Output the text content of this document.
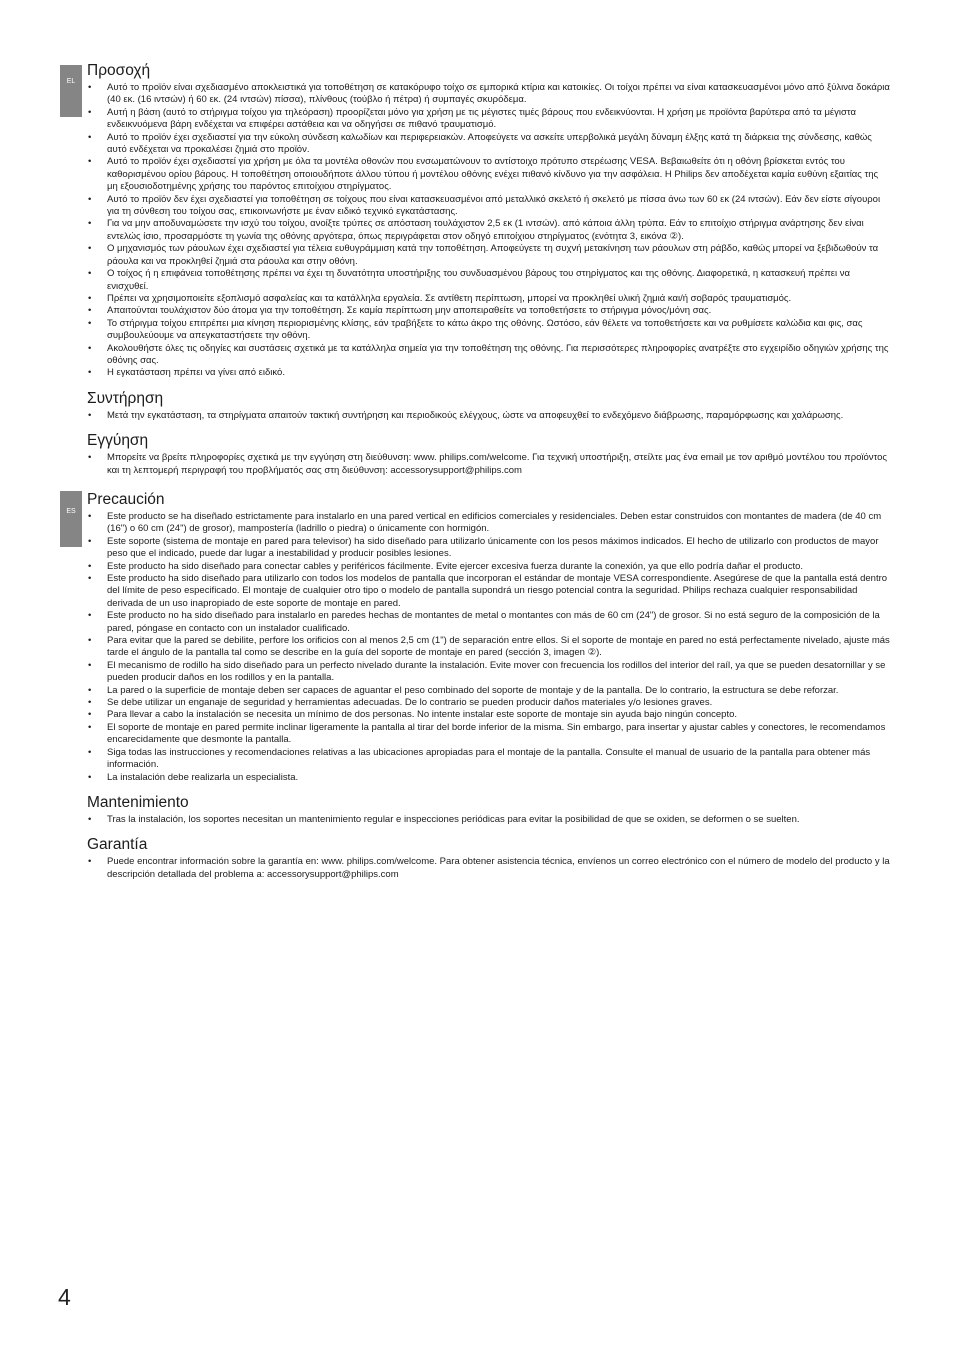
EL
Προσοχή
• Αυτό το προϊόν είναι σχεδιασμένο αποκλειστικά για τοποθέτηση σε κατακόρυφο τοίχο σε εμπορικά κτίρια και κατοικίες. Οι τοίχοι πρέπει να είναι κατασκευασμένοι μόνο από ξύλινα δοκάρια (40 εκ. (16 ιντσών) ή 60 εκ. (24 ιντσών) πίσσα), πλίνθους (τούβλο ή πέτρα) ή συμπαγές σκυρόδεμα.
• Αυτή η βάση (αυτό το στήριγμα τοίχου για τηλεόραση) προορίζεται μόνο για χρήση με τις μέγιστες τιμές βάρους που ενδεικνύονται. Η χρήση με προϊόντα βαρύτερα από τα μέγιστα ενδεικνυόμενα βάρη ενδέχεται να επιφέρει αστάθεια και να οδηγήσει σε πιθανό τραυματισμό.
• Αυτό το προϊόν έχει σχεδιαστεί για την εύκολη σύνδεση καλωδίων και περιφερειακών. Αποφεύγετε να ασκείτε υπερβολικά μεγάλη δύναμη έλξης κατά τη διάρκεια της σύνδεσης, καθώς αυτό ενδέχεται να προκαλέσει ζημιά στο προϊόν.
• Αυτό το προϊόν έχει σχεδιαστεί για χρήση με όλα τα μοντέλα οθονών που ενσωματώνουν το αντίστοιχο πρότυπο στερέωσης VESA. Βεβαιωθείτε ότι η οθόνη βρίσκεται εντός του καθορισμένου ορίου βάρους. Η τοποθέτηση οποιουδήποτε άλλου τύπου ή μοντέλου οθόνης ενέχει πιθανό κίνδυνο για την ασφάλεια. Η Philips δεν αποδέχεται καμία ευθύνη εξαιτίας της μη εξουσιοδοτημένης χρήσης του παρόντος επιτοίχιου στηρίγματος.
• Αυτό το προϊόν δεν έχει σχεδιαστεί για τοποθέτηση σε τοίχους που είναι κατασκευασμένοι από μεταλλικό σκελετό ή σκελετό με πίσσα άνω των 60 εκ (24 ιντσών). Εάν δεν είστε σίγουροι για τη σύνθεση του τοίχου σας, επικοινωνήστε με έναν ειδικό τεχνικό εγκατάστασης.
• Για να μην αποδυναμώσετε την ισχύ του τοίχου, ανοίξτε τρύπες σε απόσταση τουλάχιστον 2,5 εκ (1 ιντσών). από κάποια άλλη τρύπα. Εάν το επιτοίχιο στήριγμα ανάρτησης δεν είναι εντελώς ίσιο, προσαρμόστε τη γωνία της οθόνης αργότερα, όπως περιγράφεται στον οδηγό επιτοίχιου στηρίγματος (ενότητα 3, εικόνα ②).
• Ο μηχανισμός των ράουλων έχει σχεδιαστεί για τέλεια ευθυγράμμιση κατά την τοποθέτηση. Αποφεύγετε τη συχνή μετακίνηση των ράουλων στη ράβδο, καθώς μπορεί να ξεβιδωθούν τα ράουλα και να προκληθεί ζημιά στα ράουλα και στην οθόνη.
• Ο τοίχος ή η επιφάνεια τοποθέτησης πρέπει να έχει τη δυνατότητα υποστήριξης του συνδυασμένου βάρους του στηρίγματος και της οθόνης. Διαφορετικά, η κατασκευή πρέπει να ενισχυθεί.
• Πρέπει να χρησιμοποιείτε εξοπλισμό ασφαλείας και τα κατάλληλα εργαλεία. Σε αντίθετη περίπτωση, μπορεί να προκληθεί υλική ζημιά και/ή σοβαρός τραυματισμός.
• Απαιτούνται τουλάχιστον δύο άτομα για την τοποθέτηση. Σε καμία περίπτωση μην αποπειραθείτε να τοποθετήσετε το στήριγμα μόνος/μόνη σας.
• Το στήριγμα τοίχου επιτρέπει μια κίνηση περιορισμένης κλίσης, εάν τραβήξετε το κάτω άκρο της οθόνης. Ωστόσο, εάν θέλετε να τοποθετήσετε και να ρυθμίσετε καλώδια και φις, σας συμβουλεύουμε να απεγκαταστήσετε την οθόνη.
• Ακολουθήστε όλες τις οδηγίες και συστάσεις σχετικά με τα κατάλληλα σημεία για την τοποθέτηση της οθόνης. Για περισσότερες πληροφορίες ανατρέξτε στο εγχειρίδιο οδηγιών χρήσης της οθόνης σας.
• Η εγκατάσταση πρέπει να γίνει από ειδικό.
Συντήρηση
• Μετά την εγκατάσταση, τα στηρίγματα απαιτούν τακτική συντήρηση και περιοδικούς ελέγχους, ώστε να αποφευχθεί το ενδεχόμενο διάβρωσης, παραμόρφωσης και χαλάρωσης.
Εγγύηση
• Μπορείτε να βρείτε πληροφορίες σχετικά με την εγγύηση στη διεύθυνση: www. philips.com/welcome. Για τεχνική υποστήριξη, στείλτε μας ένα email με τον αριθμό μοντέλου του προϊόντος και τη λεπτομερή περιγραφή του προβλήματός σας στη διεύθυνση: accessorysupport@philips.com
ES
Precaución
• Este producto se ha diseñado estrictamente para instalarlo en una pared vertical en edificios comerciales y residenciales. Deben estar construidos con montantes de madera (de 40 cm (16") o 60 cm (24") de grosor), mampostería (ladrillo o piedra) o únicamente con hormigón.
• Este soporte (sistema de montaje en pared para televisor) ha sido diseñado para utilizarlo únicamente con los pesos máximos indicados. El hecho de utilizarlo con productos de mayor peso que el indicado, puede dar lugar a inestabilidad y producir posibles lesiones.
• Este producto ha sido diseñado para conectar cables y periféricos fácilmente. Evite ejercer excesiva fuerza durante la conexión, ya que ello podría dañar el producto.
• Este producto ha sido diseñado para utilizarlo con todos los modelos de pantalla que incorporan el estándar de montaje VESA correspondiente. Asegúrese de que la pantalla está dentro del límite de peso especificado. El montaje de cualquier otro tipo o modelo de pantalla supondrá un riesgo potencial contra la seguridad. Philips rechaza cualquier responsabilidad derivada de un uso inapropiado de este soporte de montaje en pared.
• Este producto no ha sido diseñado para instalarlo en paredes hechas de montantes de metal o montantes con más de 60 cm (24") de grosor. Si no está seguro de la composición de la pared, póngase en contacto con un instalador cualificado.
• Para evitar que la pared se debilite, perfore los orificios con al menos 2,5 cm (1") de separación entre ellos. Si el soporte de montaje en pared no está perfectamente nivelado, ajuste más tarde el ángulo de la pantalla tal como se describe en la guía del soporte de montaje en pared (sección 3, imagen ②).
• El mecanismo de rodillo ha sido diseñado para un perfecto nivelado durante la instalación. Evite mover con frecuencia los rodillos del interior del raíl, ya que se pueden desatornillar y se pueden producir daños en los rodillos y en la pantalla.
• La pared o la superficie de montaje deben ser capaces de aguantar el peso combinado del soporte de montaje y de la pantalla. De lo contrario, la estructura se debe reforzar.
• Se debe utilizar un enganaje de seguridad y herramientas adecuadas. De lo contrario se pueden producir daños materiales y/o lesiones graves.
• Para llevar a cabo la instalación se necesita un mínimo de dos personas. No intente instalar este soporte de montaje sin ayuda bajo ningún concepto.
• El soporte de montaje en pared permite inclinar ligeramente la pantalla al tirar del borde inferior de la misma. Sin embargo, para insertar y ajustar cables y conectores, le recomendamos encarecidamente que desmonte la pantalla.
• Siga todas las instrucciones y recomendaciones relativas a las ubicaciones apropiadas para el montaje de la pantalla. Consulte el manual de usuario de la pantalla para obtener más información.
• La instalación debe realizarla un especialista.
Mantenimiento
• Tras la instalación, los soportes necesitan un mantenimiento regular e inspecciones periódicas para evitar la posibilidad de que se oxiden, se deformen o se suelten.
Garantía
• Puede encontrar información sobre la garantía en: www. philips.com/welcome. Para obtener asistencia técnica, envíenos un correo electrónico con el número de modelo del producto y la descripción detallada del problema a: accessorysupport@philips.com
4
